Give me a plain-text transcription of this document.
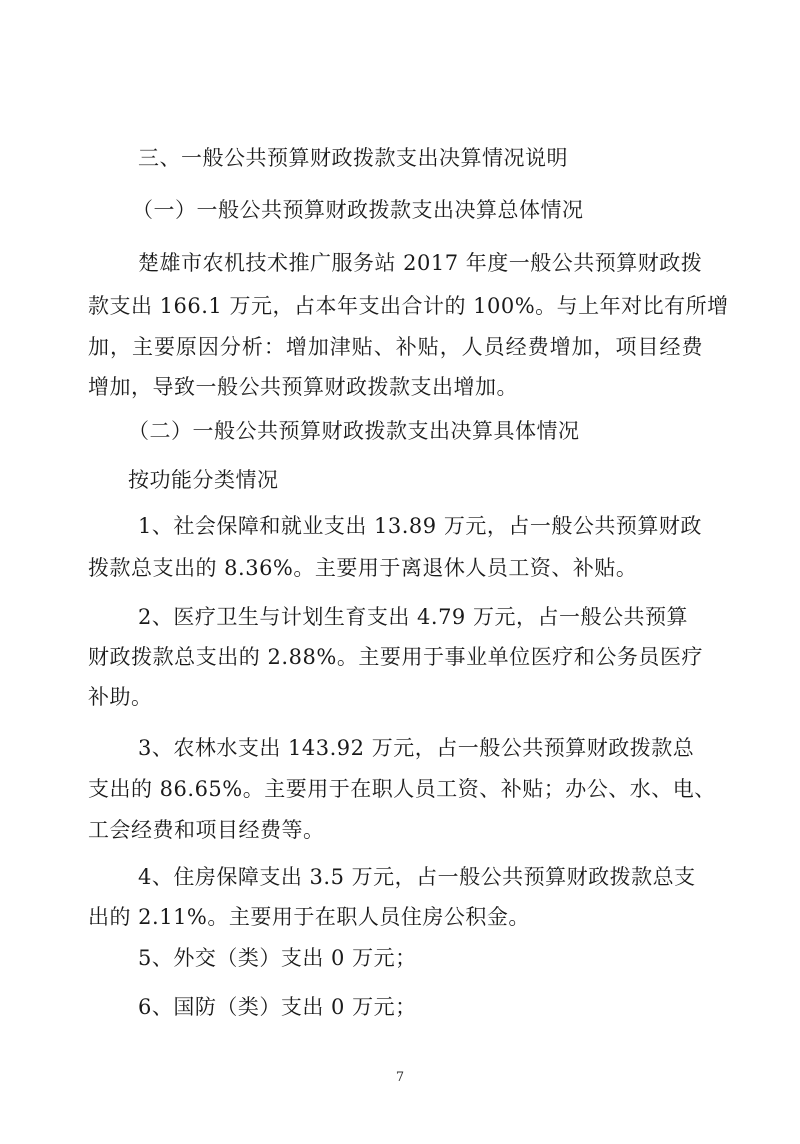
三、一般公共预算财政拨款支出决算情况说明
（一）一般公共预算财政拨款支出决算总体情况
楚雄市农机技术推广服务站 2017 年度一般公共预算财政拨
款支出 166.1 万元，占本年支出合计的 100%。与上年对比有所增
加，主要原因分析：增加津贴、补贴，人员经费增加，项目经费
增加，导致一般公共预算财政拨款支出增加。
（二）一般公共预算财政拨款支出决算具体情况
按功能分类情况
1、社会保障和就业支出 13.89 万元，占一般公共预算财政
拨款总支出的 8.36%。主要用于离退休人员工资、补贴。
2、医疗卫生与计划生育支出 4.79 万元，占一般公共预算
财政拨款总支出的 2.88%。主要用于事业单位医疗和公务员医疗
补助。
3、农林水支出 143.92 万元，占一般公共预算财政拨款总
支出的 86.65%。主要用于在职人员工资、补贴；办公、水、电、
工会经费和项目经费等。
4、住房保障支出 3.5 万元，占一般公共预算财政拨款总支
出的 2.11%。主要用于在职人员住房公积金。
5、外交（类）支出 0 万元；
6、国防（类）支出 0 万元；
7
